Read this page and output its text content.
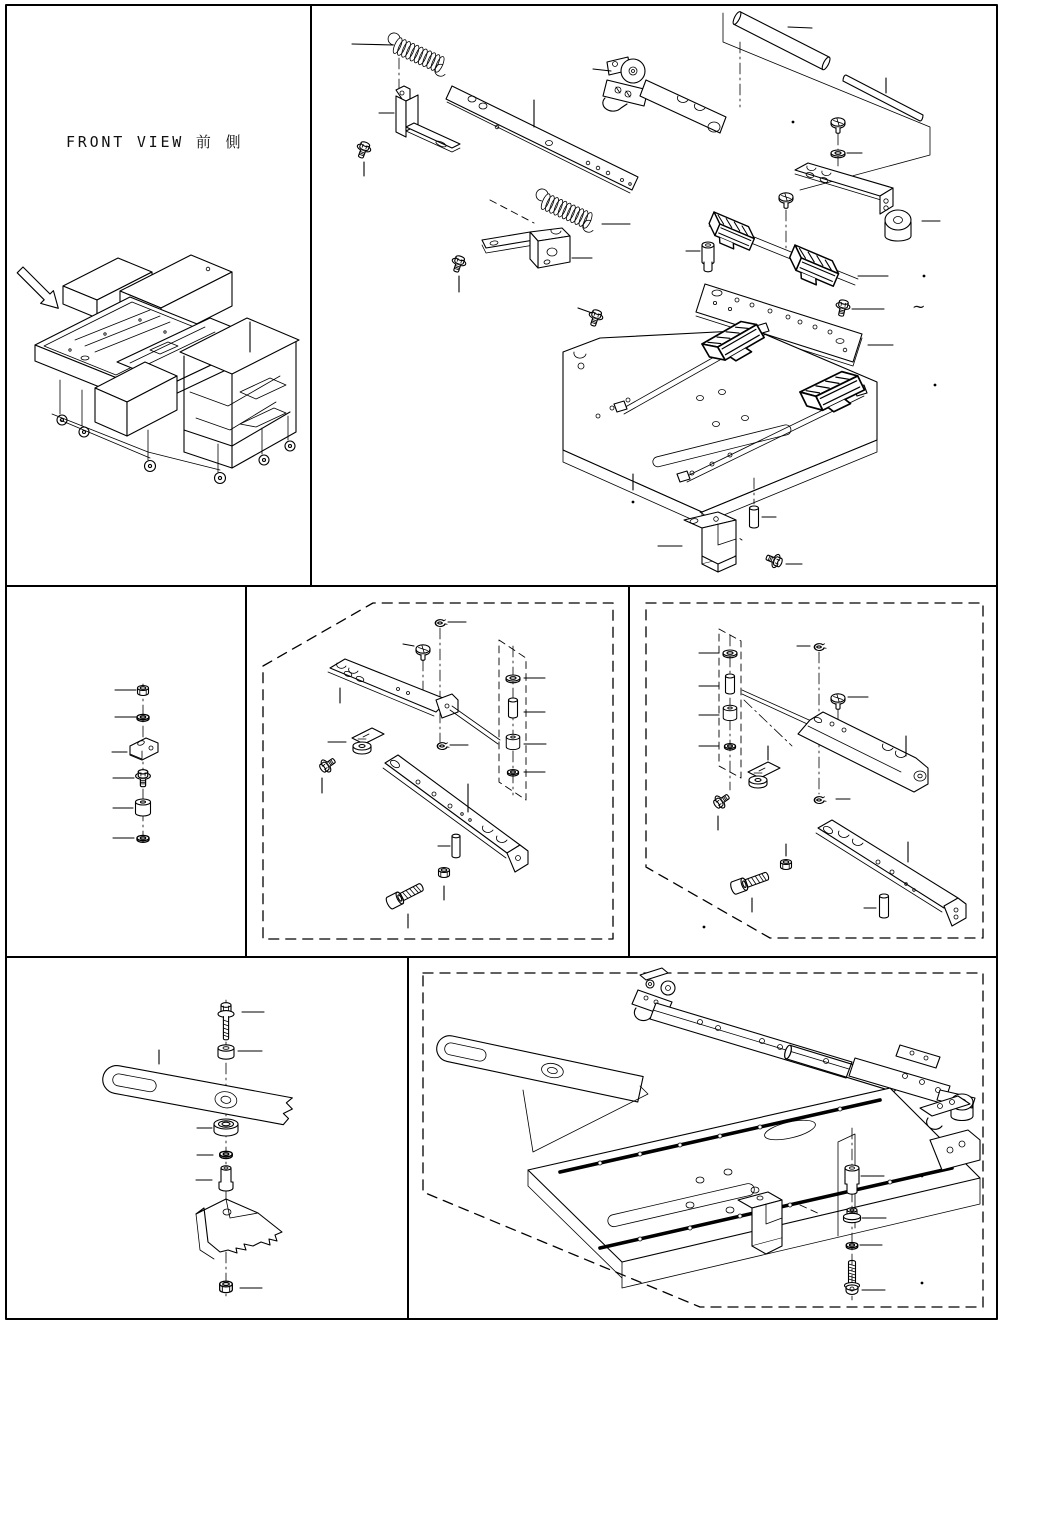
FRONT VIEW 前 側
~
